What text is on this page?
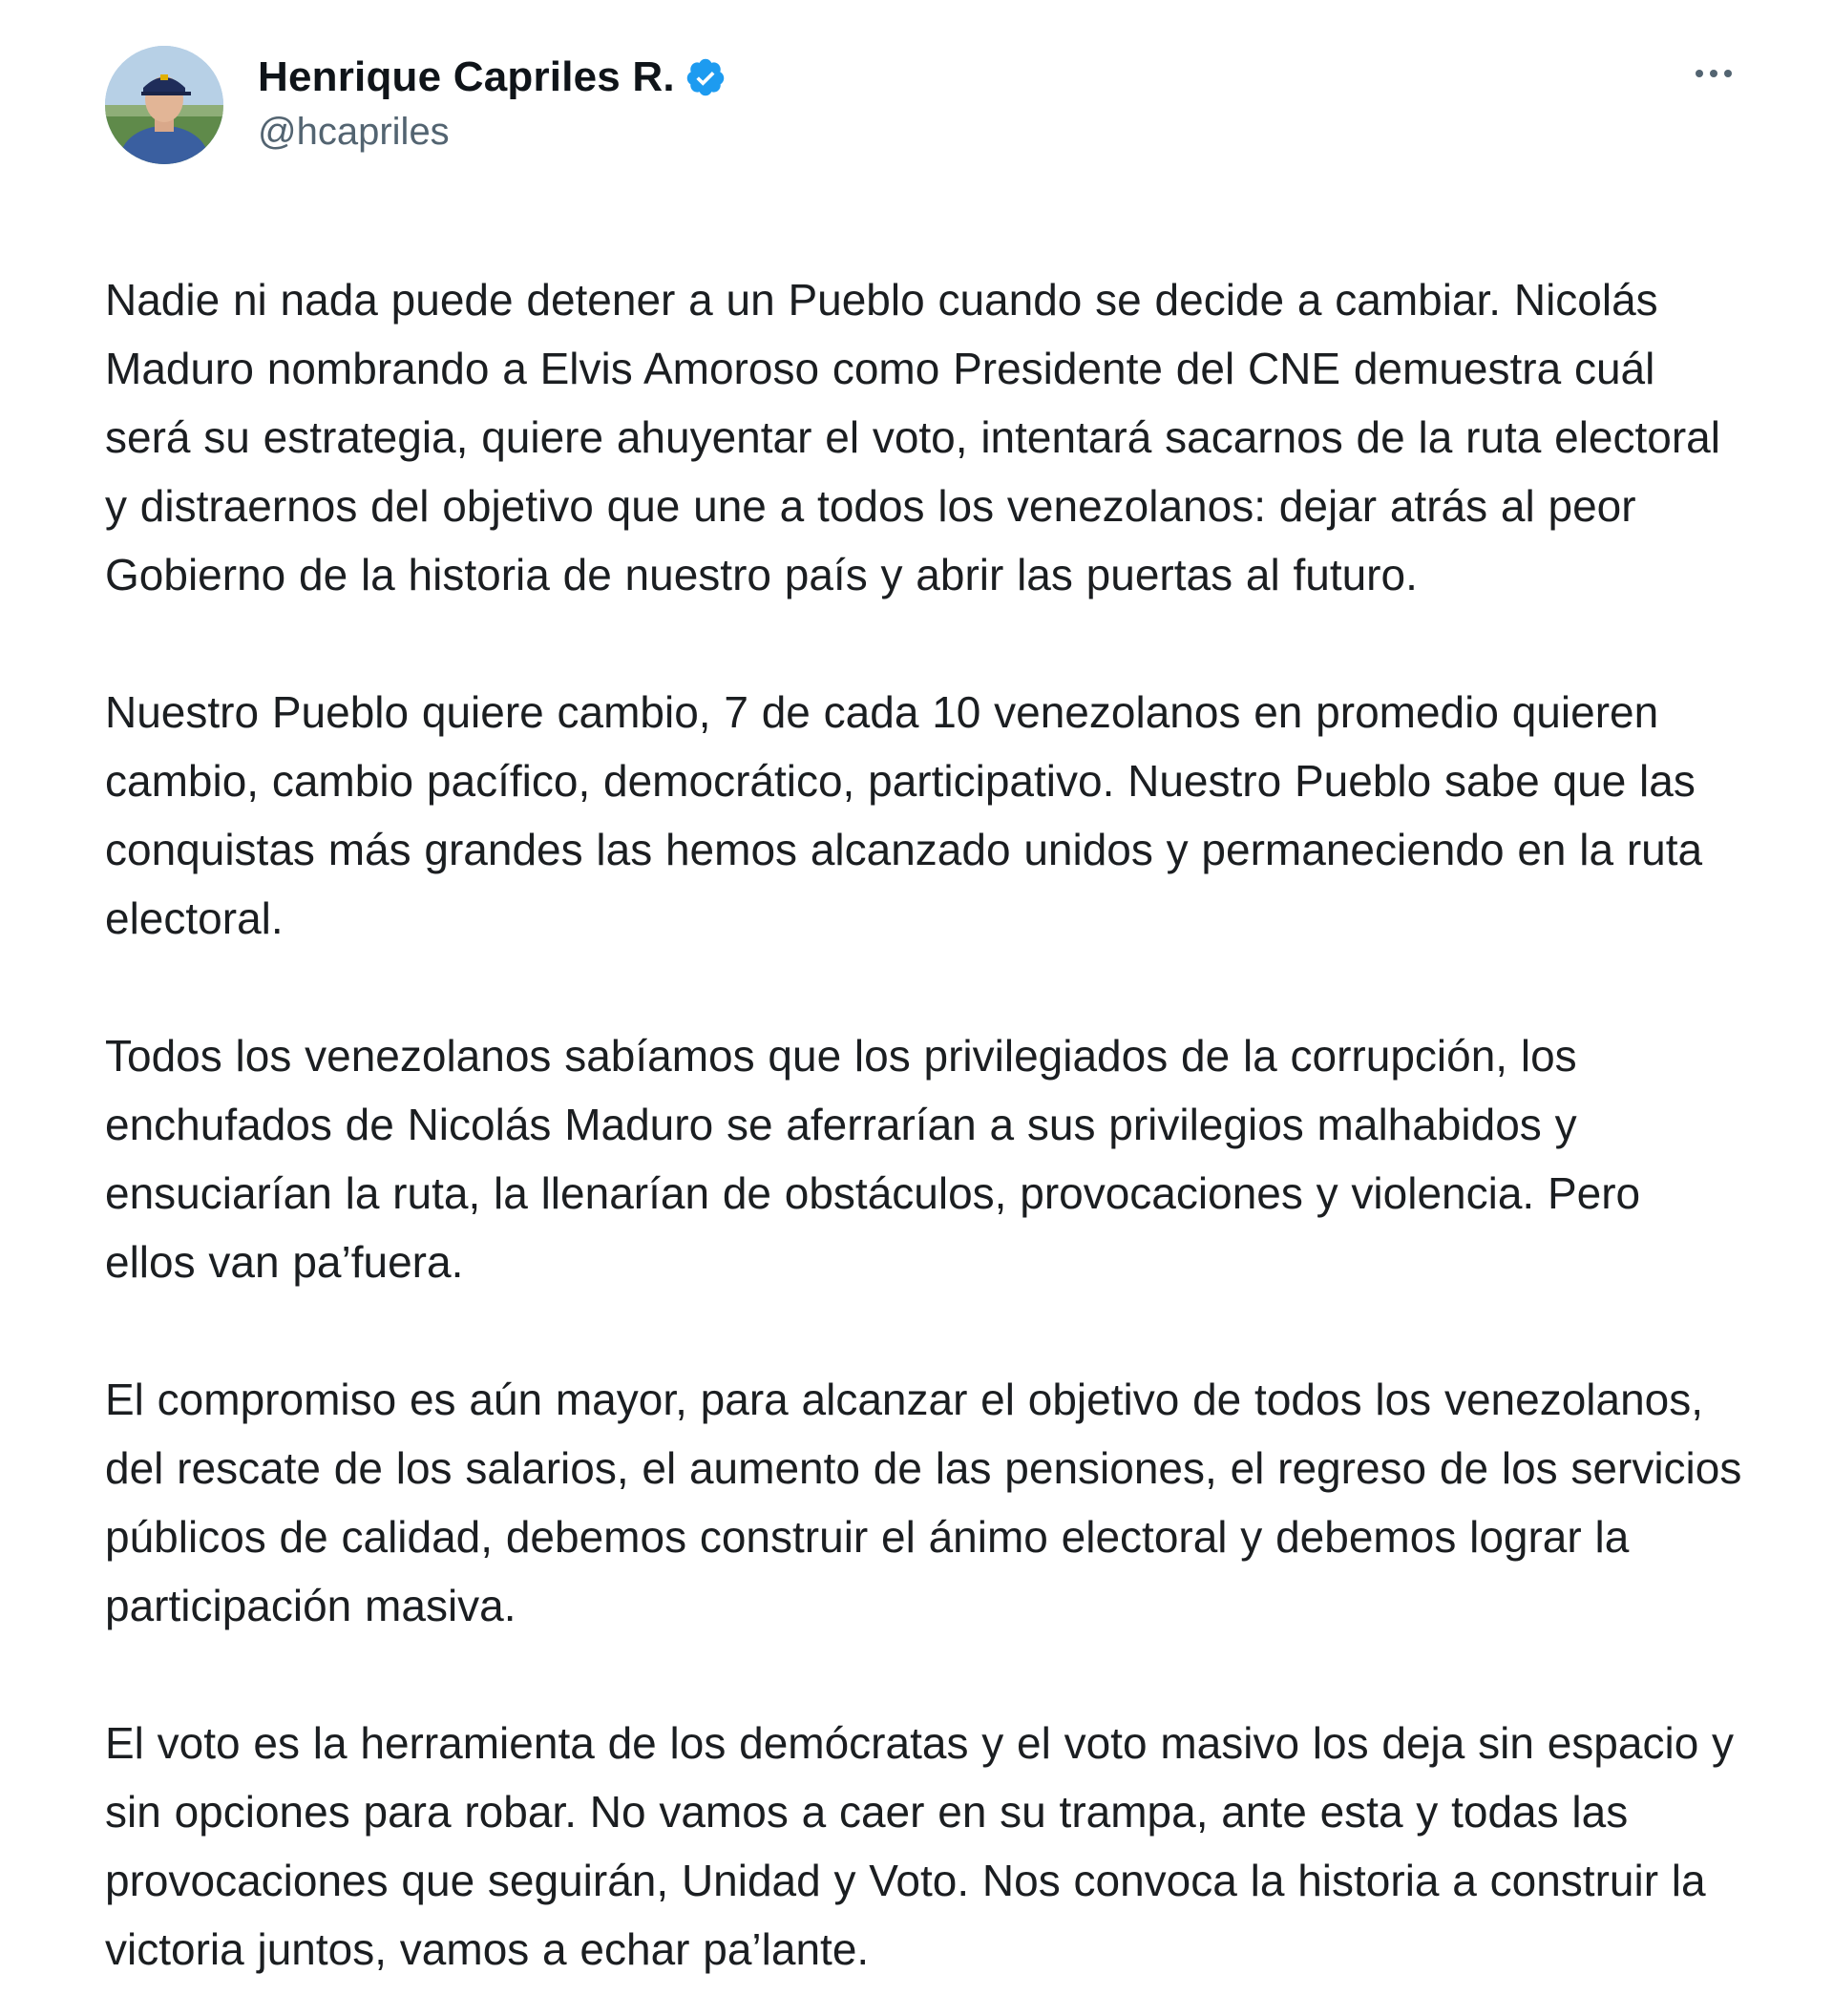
Henrique Capriles R.
@hcapriles

Nadie ni nada puede detener a un Pueblo cuando se decide a cambiar. Nicolás Maduro nombrando a Elvis Amoroso como Presidente del CNE demuestra cuál será su estrategia, quiere ahuyentar el voto, intentará sacarnos de la ruta electoral y distraernos del objetivo que une a todos los venezolanos: dejar atrás al peor Gobierno de la historia de nuestro país y abrir las puertas al futuro.

Nuestro Pueblo quiere cambio, 7 de cada 10 venezolanos en promedio quieren cambio, cambio pacífico, democrático, participativo. Nuestro Pueblo sabe que las conquistas más grandes las hemos alcanzado unidos y permaneciendo en la ruta electoral.

Todos los venezolanos sabíamos que los privilegiados de la corrupción, los enchufados de Nicolás Maduro se aferrarían a sus privilegios malhabidos y ensuciarían la ruta, la llenarían de obstáculos, provocaciones y violencia. Pero ellos van pa’fuera.

El compromiso es aún mayor, para alcanzar el objetivo de todos los venezolanos, del rescate de los salarios, el aumento de las pensiones, el regreso de los servicios públicos de calidad, debemos construir el ánimo electoral y debemos lograr la participación masiva.

El voto es la herramienta de los demócratas y el voto masivo los deja sin espacio y sin opciones para robar. No vamos a caer en su trampa, ante esta y todas las provocaciones que seguirán, Unidad y Voto. Nos convoca la historia a construir la victoria juntos, vamos a echar pa’lante.
